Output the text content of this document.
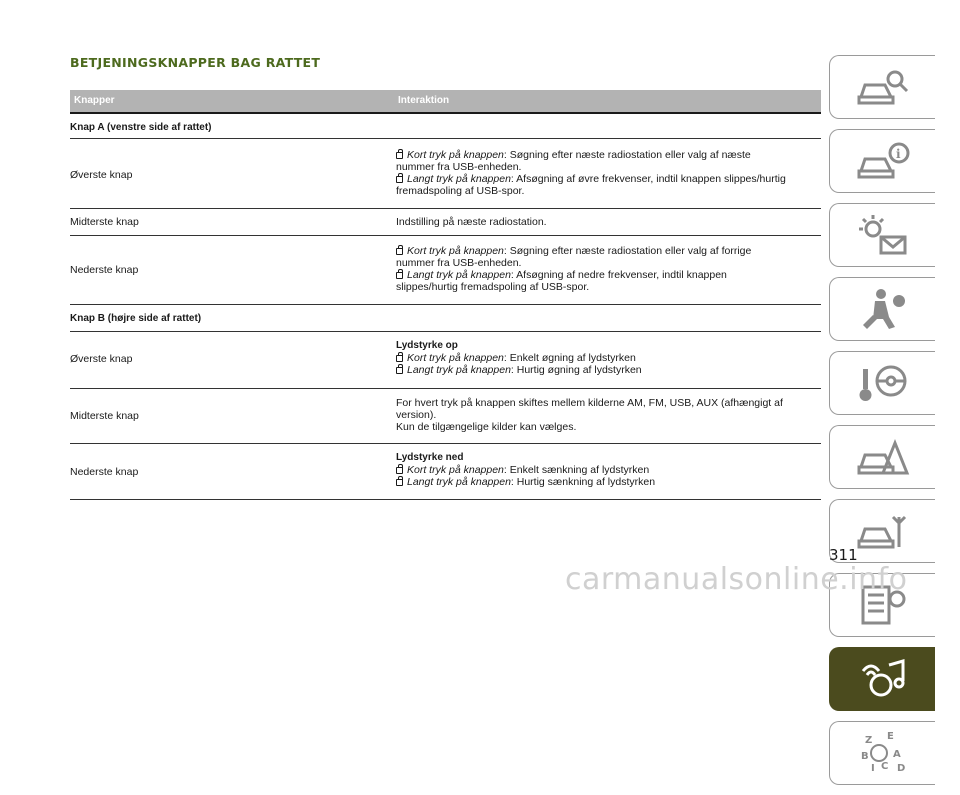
BETJENINGSKNAPPER BAG RATTET
Knapper	Interaktion
Knap A (venstre side af rattet)
Øverste knap
Kort tryk på knappen: Søgning efter næste radiostation eller valg af næste
nummer fra USB-enheden.
Langt tryk på knappen: Afsøgning af øvre frekvenser, indtil knappen slippes/hurtig
fremadspoling af USB-spor.
Midterste knap	Indstilling på næste radiostation.
Nederste knap
Kort tryk på knappen: Søgning efter næste radiostation eller valg af forrige
nummer fra USB-enheden.
Langt tryk på knappen: Afsøgning af nedre frekvenser, indtil knappen
slippes/hurtig fremadspoling af USB-spor.
Knap B (højre side af rattet)
Øverste knap
Lydstyrke op
Kort tryk på knappen: Enkelt øgning af lydstyrken
Langt tryk på knappen: Hurtig øgning af lydstyrken
Midterste knap
For hvert tryk på knappen skiftes mellem kilderne AM, FM, USB, AUX (afhængigt af
version).
Kun de tilgængelige kilder kan vælges.
Nederste knap
Lydstyrke ned
Kort tryk på knappen: Enkelt sænkning af lydstyrken
Langt tryk på knappen: Hurtig sænkning af lydstyrken
i
Z E
B A
I C D
311
carmanualsonline.info
